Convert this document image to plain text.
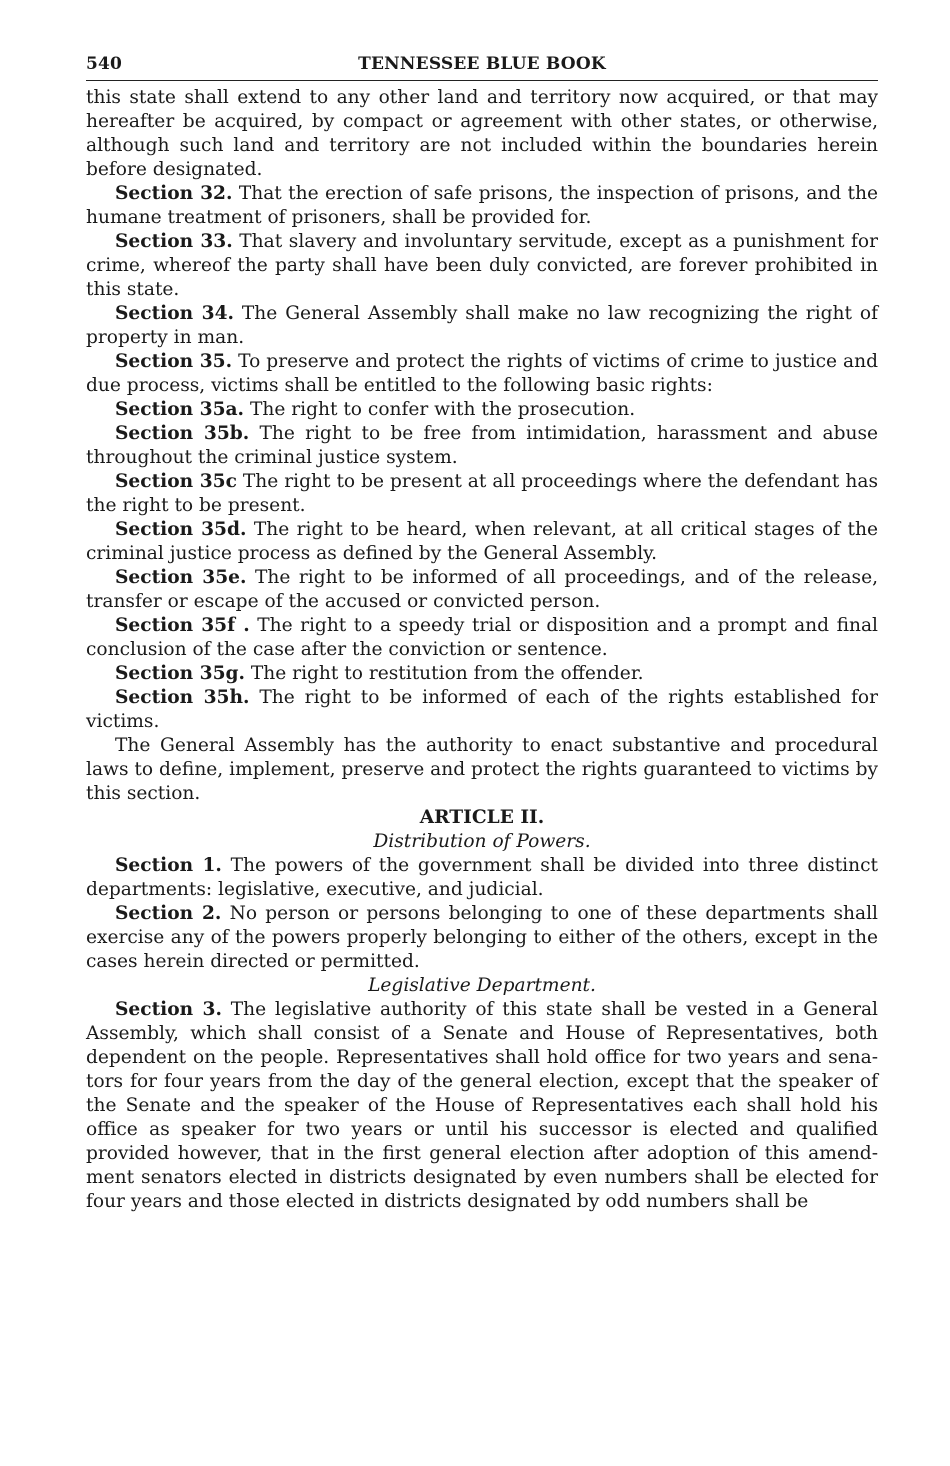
540	TENNESSEE BLUE BOOK

this state shall extend to any other land and territory now acquired, or that may hereafter be acquired, by compact or agreement with other states, or otherwise, although such land and territory are not included within the boundaries herein before designated.

Section 32. That the erection of safe prisons, the inspection of prisons, and the humane treatment of prisoners, shall be provided for.

Section 33. That slavery and involuntary servitude, except as a punishment for crime, whereof the party shall have been duly convicted, are forever prohibited in this state.

Section 34. The General Assembly shall make no law recognizing the right of property in man.

Section 35. To preserve and protect the rights of victims of crime to justice and due process, victims shall be entitled to the following basic rights:

Section 35a. The right to confer with the prosecution.

Section 35b. The right to be free from intimidation, harassment and abuse throughout the criminal justice system.

Section 35c The right to be present at all proceedings where the defendant has the right to be present.

Section 35d. The right to be heard, when relevant, at all critical stages of the criminal justice process as defined by the General Assembly.

Section 35e. The right to be informed of all proceedings, and of the release, transfer or escape of the accused or convicted person.

Section 35f . The right to a speedy trial or disposition and a prompt and final conclusion of the case after the conviction or sentence.

Section 35g. The right to restitution from the offender.

Section 35h. The right to be informed of each of the rights established for victims.

The General Assembly has the authority to enact substantive and procedural laws to define, implement, preserve and protect the rights guaranteed to victims by this section.

ARTICLE II.

Distribution of Powers.

Section 1. The powers of the government shall be divided into three distinct departments: legislative, executive, and judicial.

Section 2. No person or persons belonging to one of these departments shall exercise any of the powers properly belonging to either of the others, except in the cases herein directed or permitted.

Legislative Department.

Section 3. The legislative authority of this state shall be vested in a General Assembly, which shall consist of a Senate and House of Representatives, both dependent on the people. Representatives shall hold office for two years and sena-tors for four years from the day of the general election, except that the speaker of the Senate and the speaker of the House of Representatives each shall hold his office as speaker for two years or until his successor is elected and qualified provided however, that in the first general election after adoption of this amend-ment senators elected in districts designated by even numbers shall be elected for four years and those elected in districts designated by odd numbers shall be
